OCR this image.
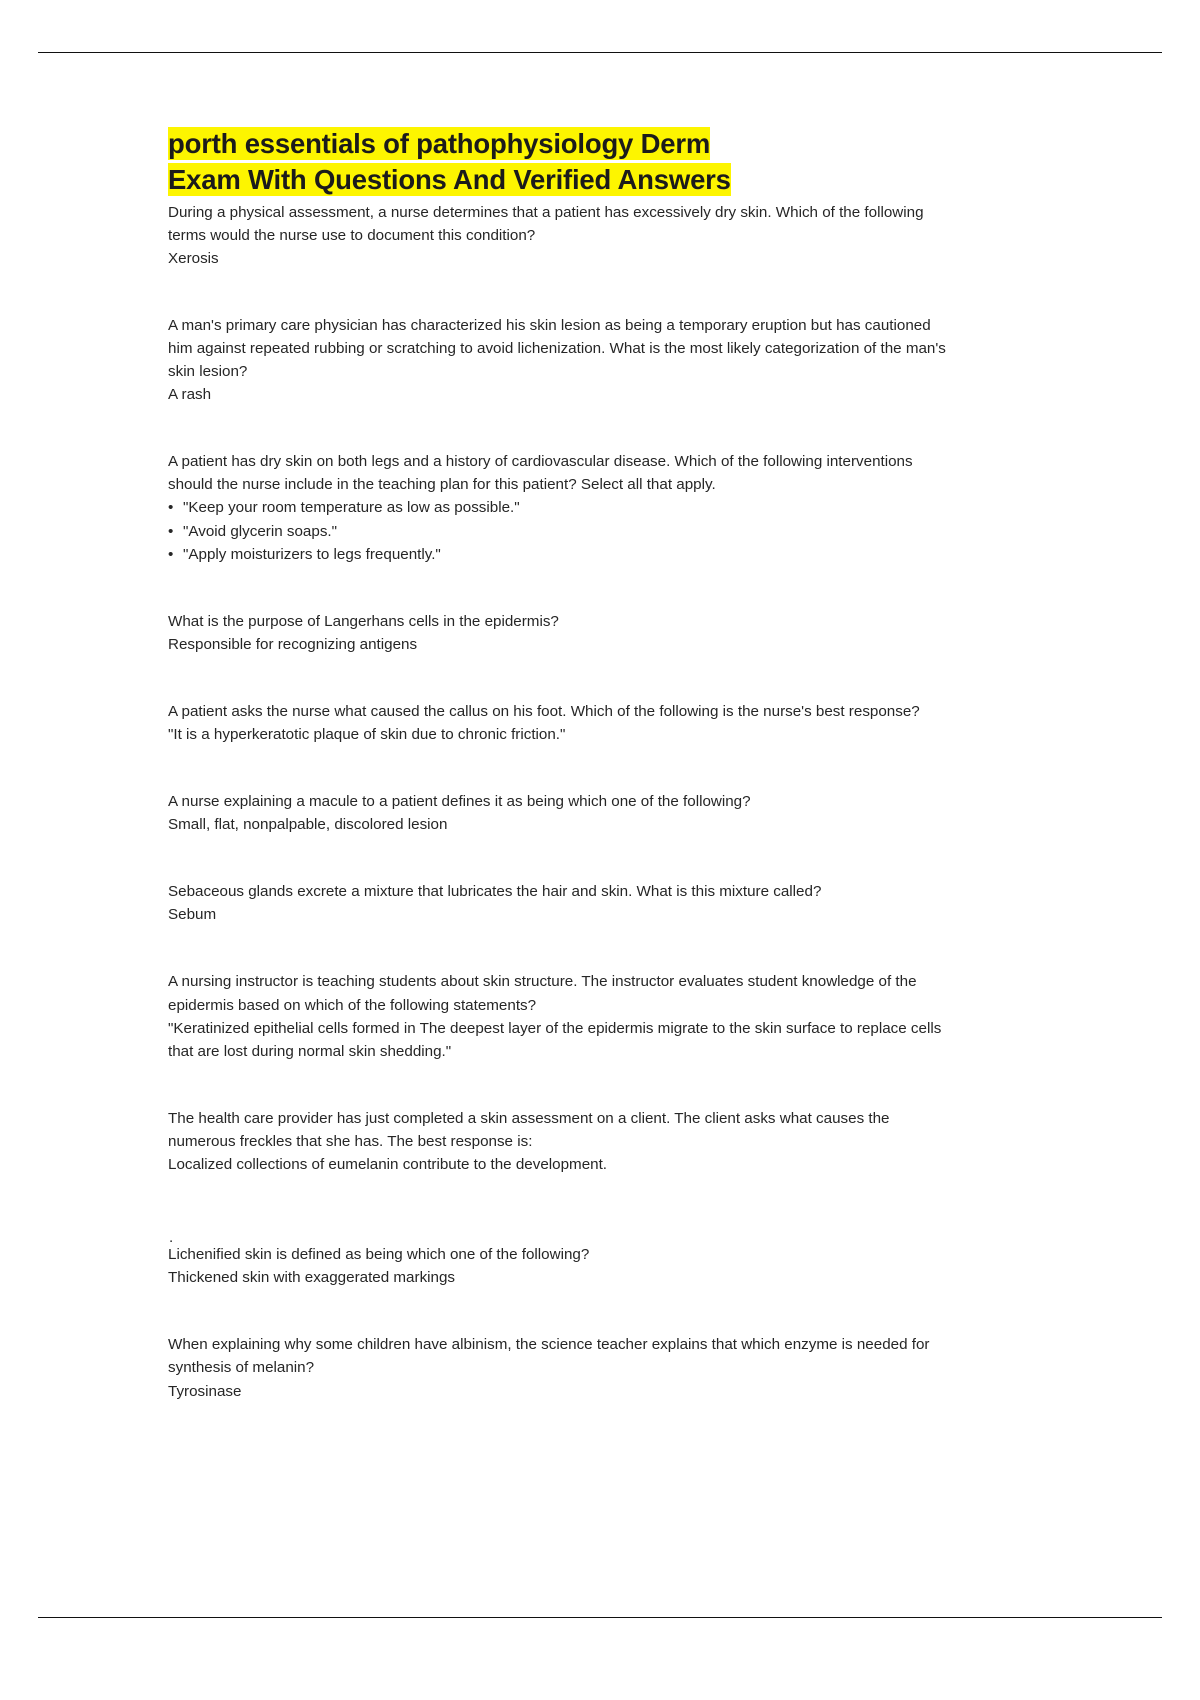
porth essentials of pathophysiology Derm
Exam With Questions And Verified Answers

During a physical assessment, a nurse determines that a patient has excessively dry skin. Which of the following terms would the nurse use to document this condition?

Xerosis

A man's primary care physician has characterized his skin lesion as being a temporary eruption but has cautioned him against repeated rubbing or scratching to avoid lichenization. What is the most likely categorization of the man's skin lesion?

A rash

A patient has dry skin on both legs and a history of cardiovascular disease. Which of the following interventions should the nurse include in the teaching plan for this patient? Select all that apply.

• "Keep your room temperature as low as possible."
• "Avoid glycerin soaps."
• "Apply moisturizers to legs frequently."

What is the purpose of Langerhans cells in the epidermis?

Responsible for recognizing antigens

A patient asks the nurse what caused the callus on his foot. Which of the following is the nurse's best response?

"It is a hyperkeratotic plaque of skin due to chronic friction."

A nurse explaining a macule to a patient defines it as being which one of the following?

Small, flat, nonpalpable, discolored lesion

Sebaceous glands excrete a mixture that lubricates the hair and skin. What is this mixture called?

Sebum

A nursing instructor is teaching students about skin structure. The instructor evaluates student knowledge of the epidermis based on which of the following statements?

"Keratinized epithelial cells formed in The deepest layer of the epidermis migrate to the skin surface to replace cells that are lost during normal skin shedding."

The health care provider has just completed a skin assessment on a client. The client asks what causes the numerous freckles that she has. The best response is:

Localized collections of eumelanin contribute to the development.

.

Lichenified skin is defined as being which one of the following?

Thickened skin with exaggerated markings

When explaining why some children have albinism, the science teacher explains that which enzyme is needed for synthesis of melanin?

Tyrosinase
